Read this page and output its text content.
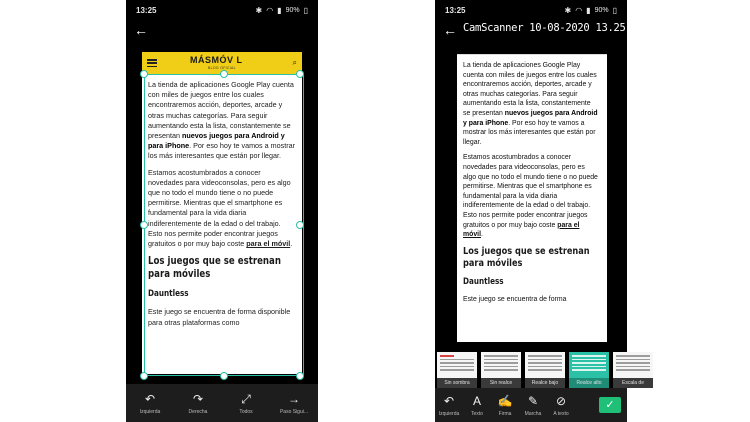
13:25	✱ ◠ ▮ 90% ▯
←
MÁSMÓV L
BLOG OFICIAL
⌕

La tienda de aplicaciones Google Play cuenta con miles de juegos entre los cuales encontraremos acción, deportes, arcade y otras muchas categorías. Para seguir aumentando esta la lista, constantemente se presentan nuevos juegos para Android y para iPhone. Por eso hoy te vamos a mostrar los más interesantes que están por llegar.

Estamos acostumbrados a conocer novedades para videoconsolas, pero es algo que no todo el mundo tiene o no puede permitirse. Mientras que el smartphone es fundamental para la vida diaria indiferentemente de la edad o del trabajo. Esto nos permite poder encontrar juegos gratuitos o por muy bajo coste para el móvil.

Los juegos que se estrenan para móviles
Dauntless

Este juego se encuentra de forma disponible para otras plataformas como

↶
Izquierda
↷
Derecha
⤢
Todos
→
Paso Sigui...
13:25	✱ ◠ ▮ 90% ▯
← CamScanner 10-08-2020 13.25.23

La tienda de aplicaciones Google Play cuenta con miles de juegos entre los cuales encontraremos acción, deportes, arcade y otras muchas categorías. Para seguir aumentando esta la lista, constantemente se presentan nuevos juegos para Android y para iPhone. Por eso hoy te vamos a mostrar los más interesantes que están por llegar.

Estamos acostumbrados a conocer novedades para videoconsolas, pero es algo que no todo el mundo tiene o no puede permitirse. Mientras que el smartphone es fundamental para la vida diaria indiferentemente de la edad o del trabajo. Esto nos permite poder encontrar juegos gratuitos o por muy bajo coste para el móvil.

Los juegos que se estrenan para móviles
Dauntless

Este juego se encuentra de forma

Sin sombra	Sin realce	Realce bajo	Realce alto	Escala de
↶
Izquierda
A
Texto
✍
Firma
✎
Marcha
⊘
A texto
✓
